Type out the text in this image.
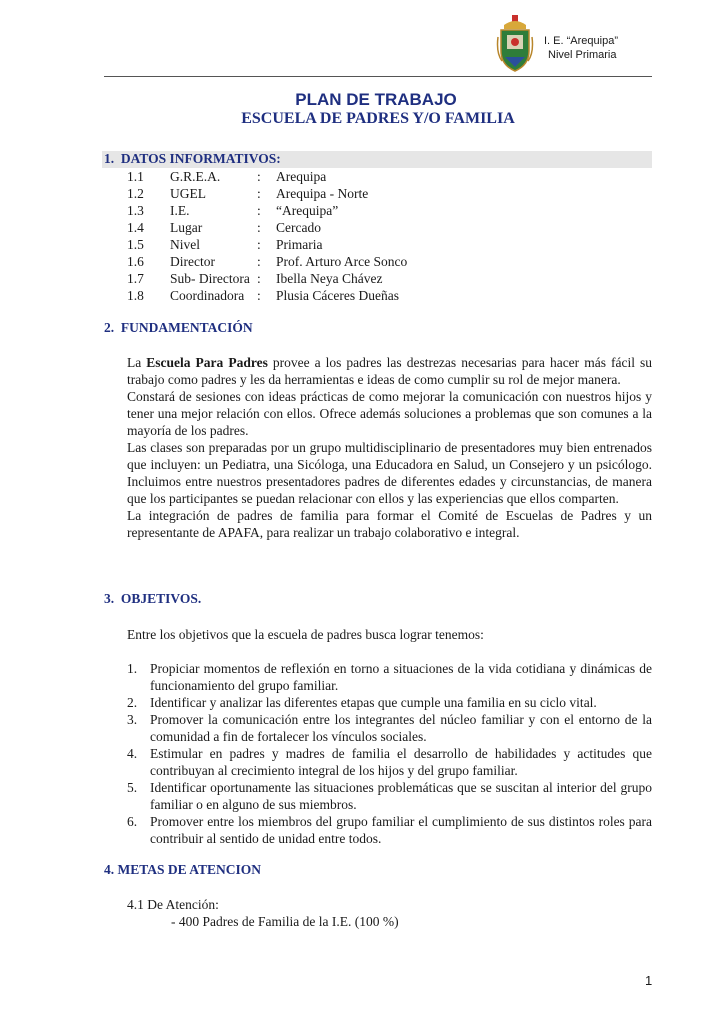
I. E. “Arequipa”
Nivel Primaria
PLAN DE TRABAJO
ESCUELA DE PADRES Y/O FAMILIA
1.  DATOS INFORMATIVOS:
1.1 G.R.E.A.	: Arequipa
1.2 UGEL	: Arequipa - Norte
1.3 I.E.	: “Arequipa”
1.4 Lugar	: Cercado
1.5 Nivel	: Primaria
1.6 Director	: Prof. Arturo Arce Sonco
1.7 Sub- Directora : Ibella Neya Chávez
1.8 Coordinadora : Plusia Cáceres Dueñas
2.  FUNDAMENTACIÓN

La Escuela Para Padres provee a los padres las destrezas necesarias para hacer más fácil su trabajo como padres y les da herramientas e ideas de como cumplir su rol de mejor manera.

Constará de sesiones con ideas prácticas de como mejorar la comunicación con nuestros hijos y tener una mejor relación con ellos. Ofrece además soluciones a problemas que son comunes a la mayoría de los padres.

Las clases son preparadas por un grupo multidisciplinario de presentadores muy bien entrenados que incluyen: un Pediatra, una Sicóloga, una Educadora en Salud, un Consejero y un psicólogo. Incluimos entre nuestros presentadores padres de diferentes edades y circunstancias, de manera que los participantes se puedan relacionar con ellos y las experiencias que ellos comparten.

La integración de padres de familia para formar el Comité de Escuelas de Padres y un representante de APAFA, para realizar un trabajo colaborativo e integral.

3.  OBJETIVOS.
Entre los objetivos que la escuela de padres busca lograr tenemos:
1. Propiciar momentos de reflexión en torno a situaciones de la vida cotidiana y dinámicas de funcionamiento del grupo familiar.
2. Identificar y analizar las diferentes etapas que cumple una familia en su ciclo vital.
3. Promover la comunicación entre los integrantes del núcleo familiar y con el entorno de la comunidad a fin de fortalecer los vínculos sociales.
4. Estimular en padres y madres de familia el desarrollo de habilidades y actitudes que contribuyan al crecimiento integral de los hijos y del grupo familiar.
5. Identificar oportunamente las situaciones problemáticas que se suscitan al interior del grupo familiar o en alguno de sus miembros.
6. Promover entre los miembros del grupo familiar el cumplimiento de sus distintos roles para contribuir al sentido de unidad entre todos.
4. METAS DE ATENCION
4.1 De Atención:
- 400 Padres de Familia de la I.E. (100 %)
1
